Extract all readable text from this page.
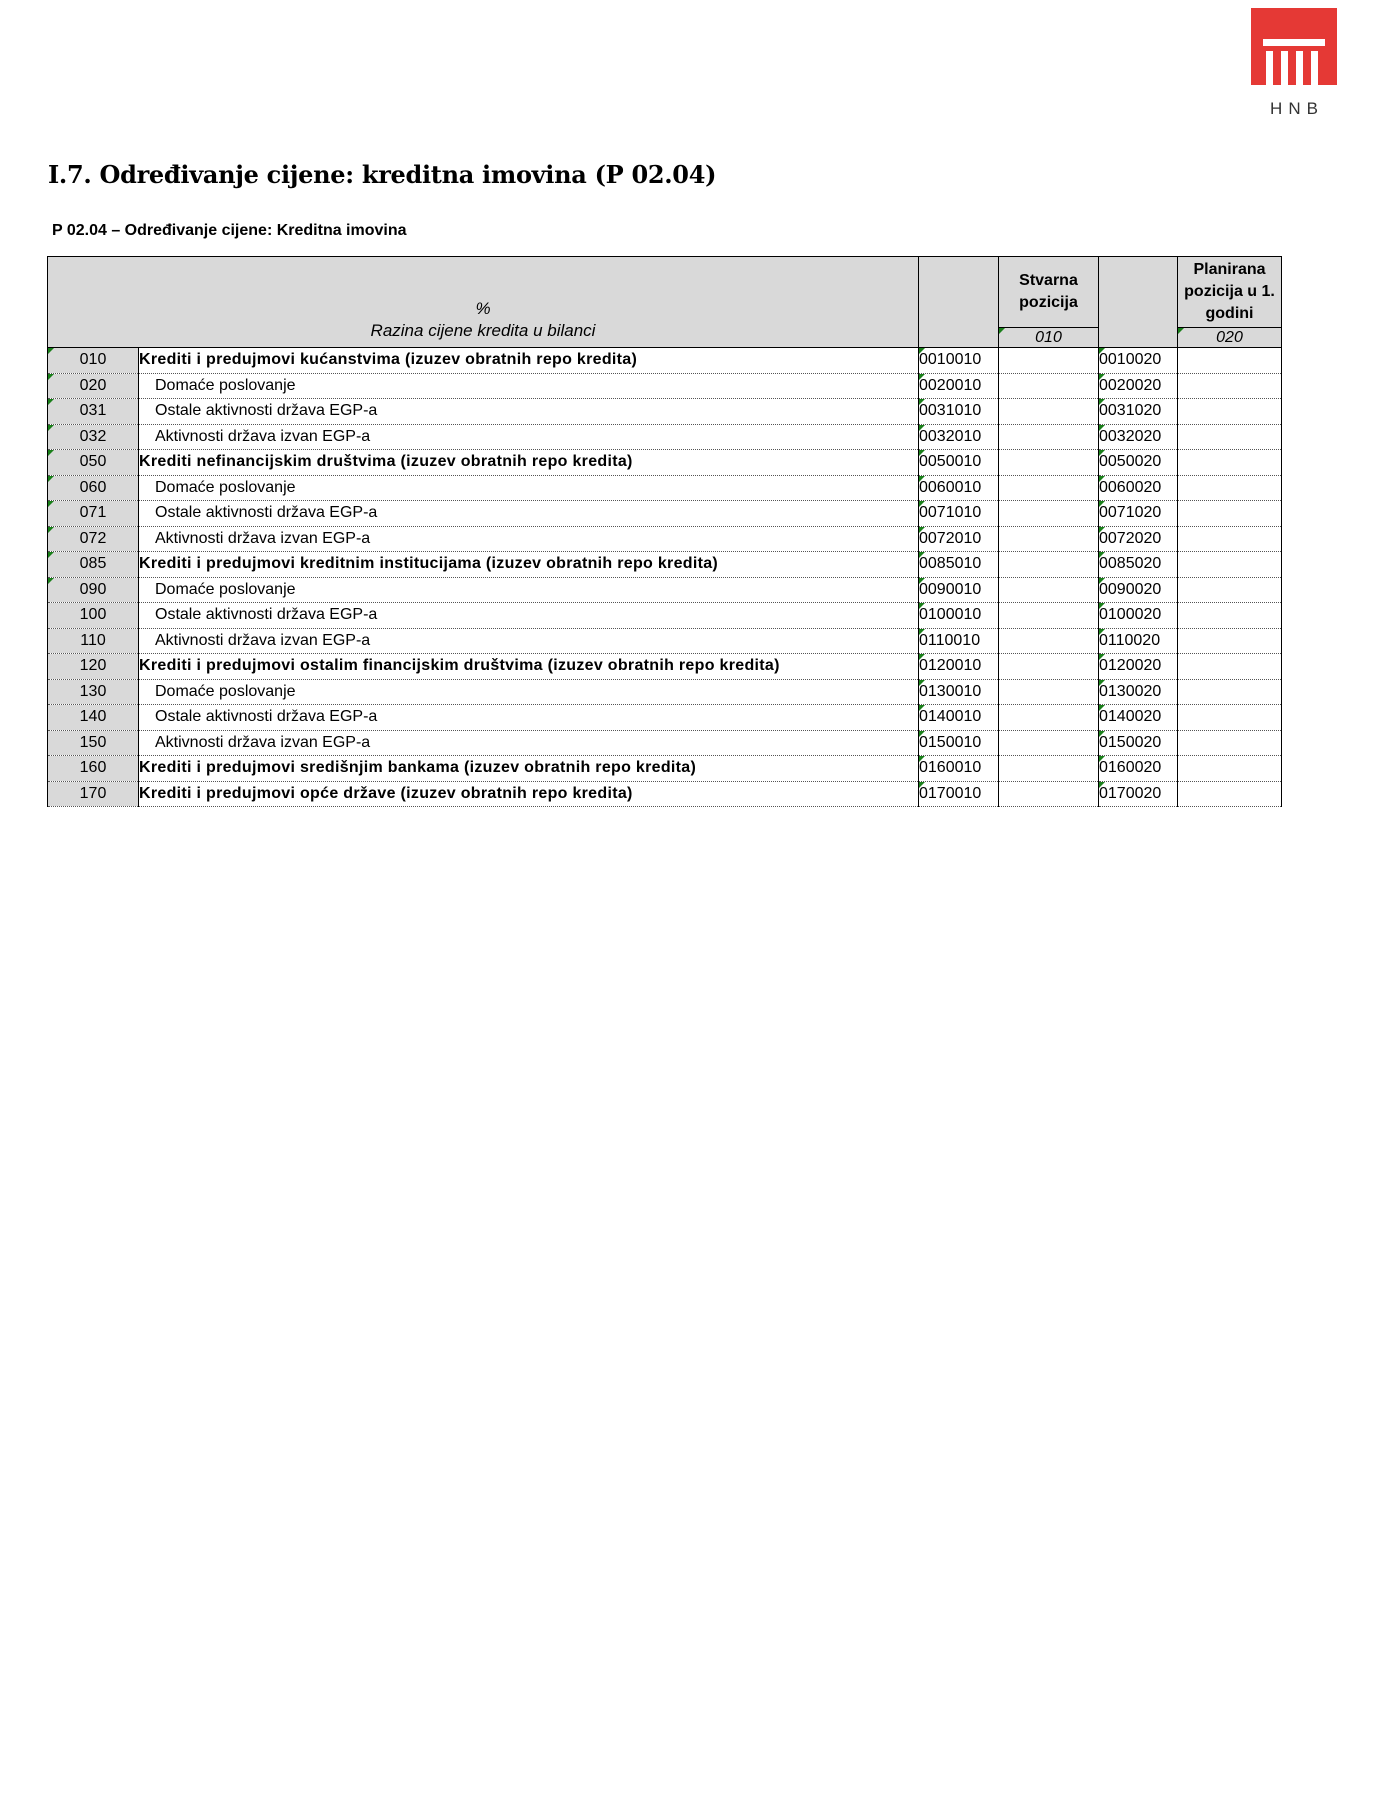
HNB
I.7. Određivanje cijene: kreditna imovina (P 02.04)
P 02.04 – Određivanje cijene: Kreditna imovina
%
Razina cijene kredita u bilanci			Stvarna pozicija		Planirana pozicija u 1. godini

010		020

010	Krediti i predujmovi kućanstvima (izuzev obratnih repo kredita)	0010010		0010020	

020	Domaće poslovanje	0020010		0020020	

031	Ostale aktivnosti država EGP-a	0031010		0031020	

032	Aktivnosti država izvan EGP-a	0032010		0032020	

050	Krediti nefinancijskim društvima (izuzev obratnih repo kredita)	0050010		0050020	

060	Domaće poslovanje	0060010		0060020	

071	Ostale aktivnosti država EGP-a	0071010		0071020	

072	Aktivnosti država izvan EGP-a	0072010		0072020	

085	Krediti i predujmovi kreditnim institucijama (izuzev obratnih repo kredita)	0085010		0085020	

090	Domaće poslovanje	0090010		0090020	
100	Ostale aktivnosti država EGP-a	0100010		0100020	
110	Aktivnosti država izvan EGP-a	0110010		0110020	
120	Krediti i predujmovi ostalim financijskim društvima (izuzev obratnih repo kredita)	0120010		0120020	
130	Domaće poslovanje	0130010		0130020	
140	Ostale aktivnosti država EGP-a	0140010		0140020	
150	Aktivnosti država izvan EGP-a	0150010		0150020	
160	Krediti i predujmovi središnjim bankama (izuzev obratnih repo kredita)	0160010		0160020	
170	Krediti i predujmovi opće države (izuzev obratnih repo kredita)	0170010		0170020	
